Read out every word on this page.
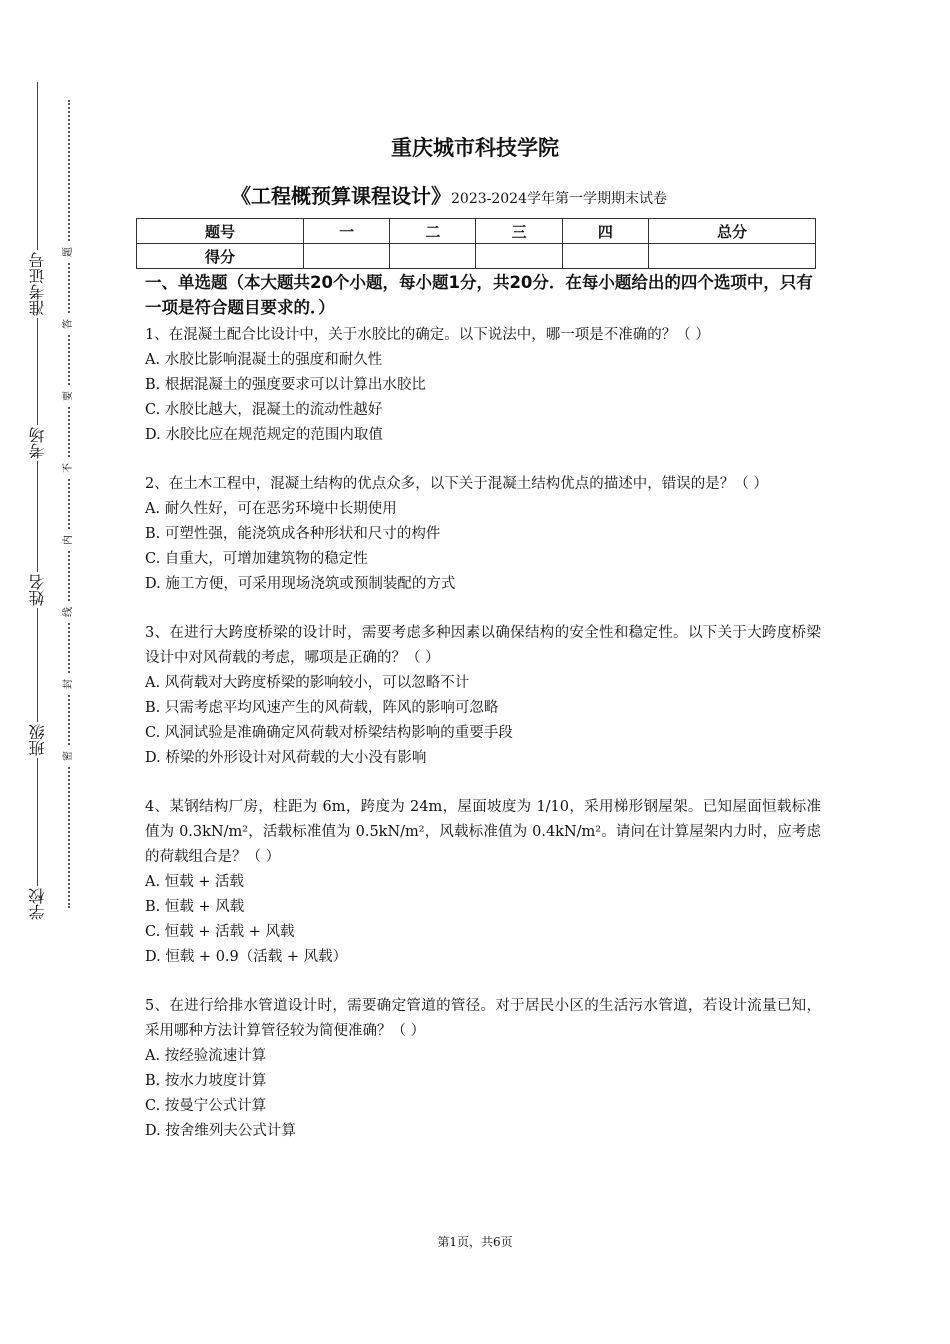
准考证号
考场
姓名
班级
学校
题
答
要
不
内
线
封
密
重庆城市科技学院
《工程概预算课程设计》2023-2024学年第一学期期末试卷
题号	一	二	三	四	总分
得分					
一、单选题（本大题共20个小题，每小题1分，共20分．在每小题给出的四个选项中，只有一项是符合题目要求的．）
1、在混凝土配合比设计中，关于水胶比的确定。以下说法中，哪一项是不准确的？（ ）
A. 水胶比影响混凝土的强度和耐久性
B. 根据混凝土的强度要求可以计算出水胶比
C. 水胶比越大，混凝土的流动性越好
D. 水胶比应在规范规定的范围内取值
2、在土木工程中，混凝土结构的优点众多，以下关于混凝土结构优点的描述中，错误的是？（ ）
A. 耐久性好，可在恶劣环境中长期使用
B. 可塑性强，能浇筑成各种形状和尺寸的构件
C. 自重大，可增加建筑物的稳定性
D. 施工方便，可采用现场浇筑或预制装配的方式
3、在进行大跨度桥梁的设计时，需要考虑多种因素以确保结构的安全性和稳定性。以下关于大跨度桥梁设计中对风荷载的考虑，哪项是正确的？（ ）
A. 风荷载对大跨度桥梁的影响较小，可以忽略不计
B. 只需考虑平均风速产生的风荷载，阵风的影响可忽略
C. 风洞试验是准确确定风荷载对桥梁结构影响的重要手段
D. 桥梁的外形设计对风荷载的大小没有影响
4、某钢结构厂房，柱距为 6m，跨度为 24m，屋面坡度为 1/10，采用梯形钢屋架。已知屋面恒载标准值为 0.3kN/m²，活载标准值为 0.5kN/m²，风载标准值为 0.4kN/m²。请问在计算屋架内力时，应考虑的荷载组合是？（ ）
A. 恒载 + 活载
B. 恒载 + 风载
C. 恒载 + 活载 + 风载
D. 恒载 + 0.9（活载 + 风载）
5、在进行给排水管道设计时，需要确定管道的管径。对于居民小区的生活污水管道，若设计流量已知，采用哪种方法计算管径较为简便准确？（ ）
A. 按经验流速计算
B. 按水力坡度计算
C. 按曼宁公式计算
D. 按舍维列夫公式计算
第1页，共6页
